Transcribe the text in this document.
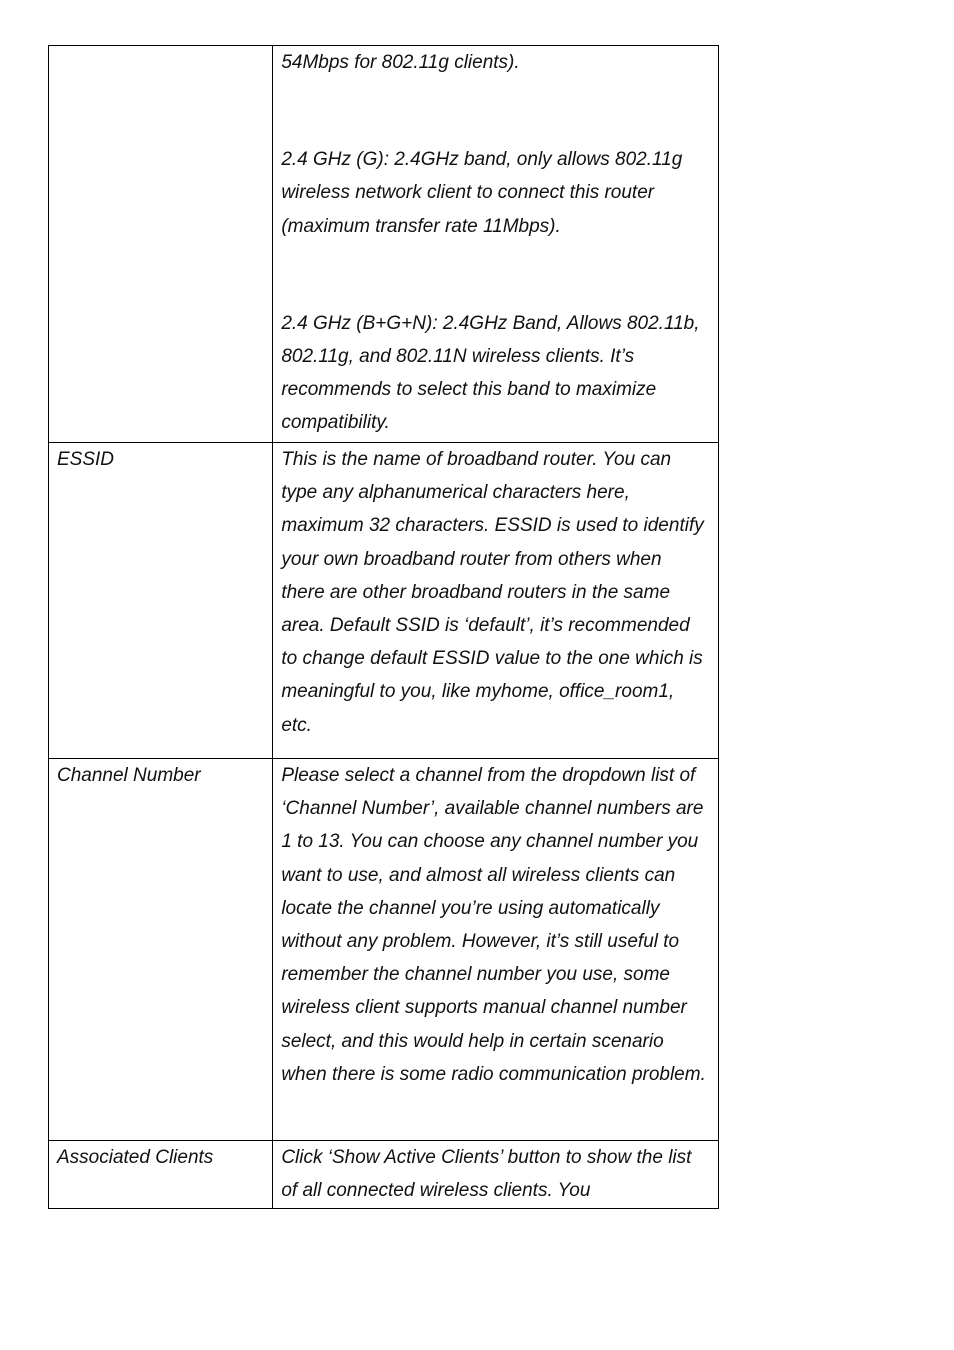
	54Mbps for 802.11g clients).
2.4 GHz (G): 2.4GHz band, only allows 802.11g wireless network client to connect this router (maximum transfer rate 11Mbps).
2.4 GHz (B+G+N): 2.4GHz Band, Allows 802.11b, 802.11g, and 802.11N wireless clients. It’s recommends to select this band to maximize compatibility.

ESSID	This is the name of broadband router. You can type any alphanumerical characters here, maximum 32 characters. ESSID is used to identify your own broadband router from others when there are other broadband routers in the same area. Default SSID is ‘default’, it’s recommended to change default ESSID value to the one which is meaningful to you, like myhome, office_room1, etc.

Channel Number	Please select a channel from the dropdown list of ‘Channel Number’, available channel numbers are 1 to 13. You can choose any channel number you want to use, and almost all wireless clients can locate the channel you’re using automatically without any problem. However, it’s still useful to remember the channel number you use, some wireless client supports manual channel number select, and this would help in certain scenario when there is some radio communication problem.

Associated Clients	Click ‘Show Active Clients’ button to show the list of all connected wireless clients. You
